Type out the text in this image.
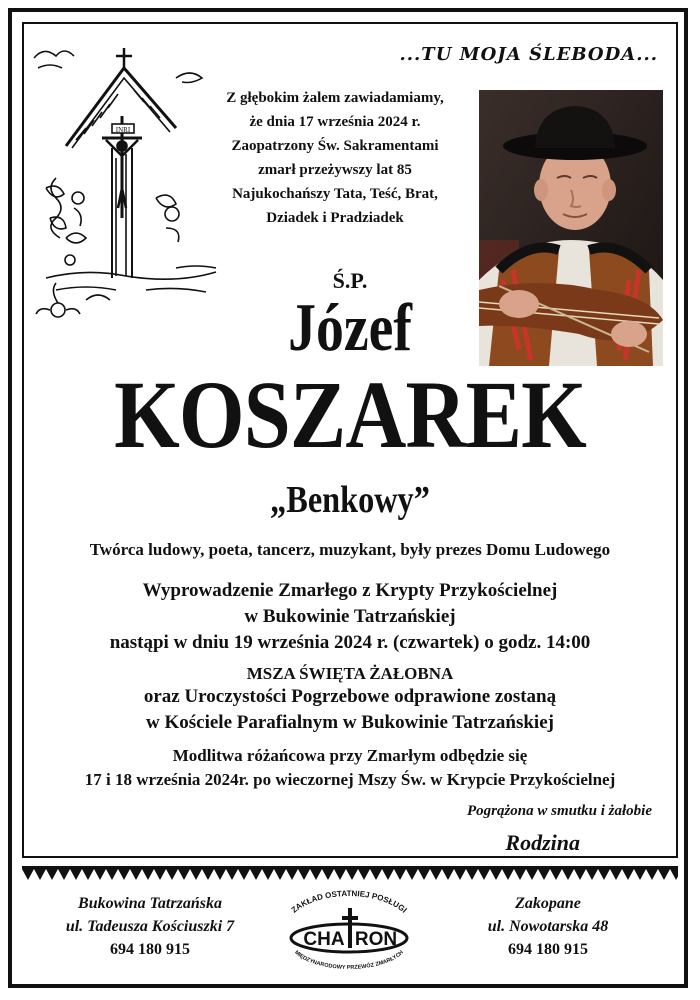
INRI
...TU MOJA ŚLEBODA...
Z głębokim żalem zawiadamiamy,
że dnia 17 września 2024 r.
Zaopatrzony Św. Sakramentami
zmarł przeżywszy lat 85
Najukochańszy Tata, Teść, Brat,
Dziadek i Pradziadek
Ś.P.
Józef
KOSZAREK
„Benkowy”
Twórca ludowy, poeta, tancerz, muzykant, były prezes Domu Ludowego
Wyprowadzenie Zmarłego z Krypty Przykościelnej
w Bukowinie Tatrzańskiej
nastąpi w dniu 19 września 2024 r. (czwartek) o godz. 14:00
MSZA ŚWIĘTA ŻAŁOBNA
oraz Uroczystości Pogrzebowe odprawione zostaną
w Kościele Parafialnym w Bukowinie Tatrzańskiej
Modlitwa różańcowa przy Zmarłym odbędzie się
17 i 18 września 2024r. po wieczornej Mszy Św. w Krypcie Przykościelnej
Pogrążona w smutku i żałobie
Rodzina
Bukowina Tatrzańska
ul. Tadeusza Kościuszki 7
694 180 915
ZAKŁAD OSTATNIEJ POSŁUGI
CHA RON
MIĘDZYNARODOWY PRZEWÓZ ZMARŁYCH
Zakopane
ul. Nowotarska 48
694 180 915
